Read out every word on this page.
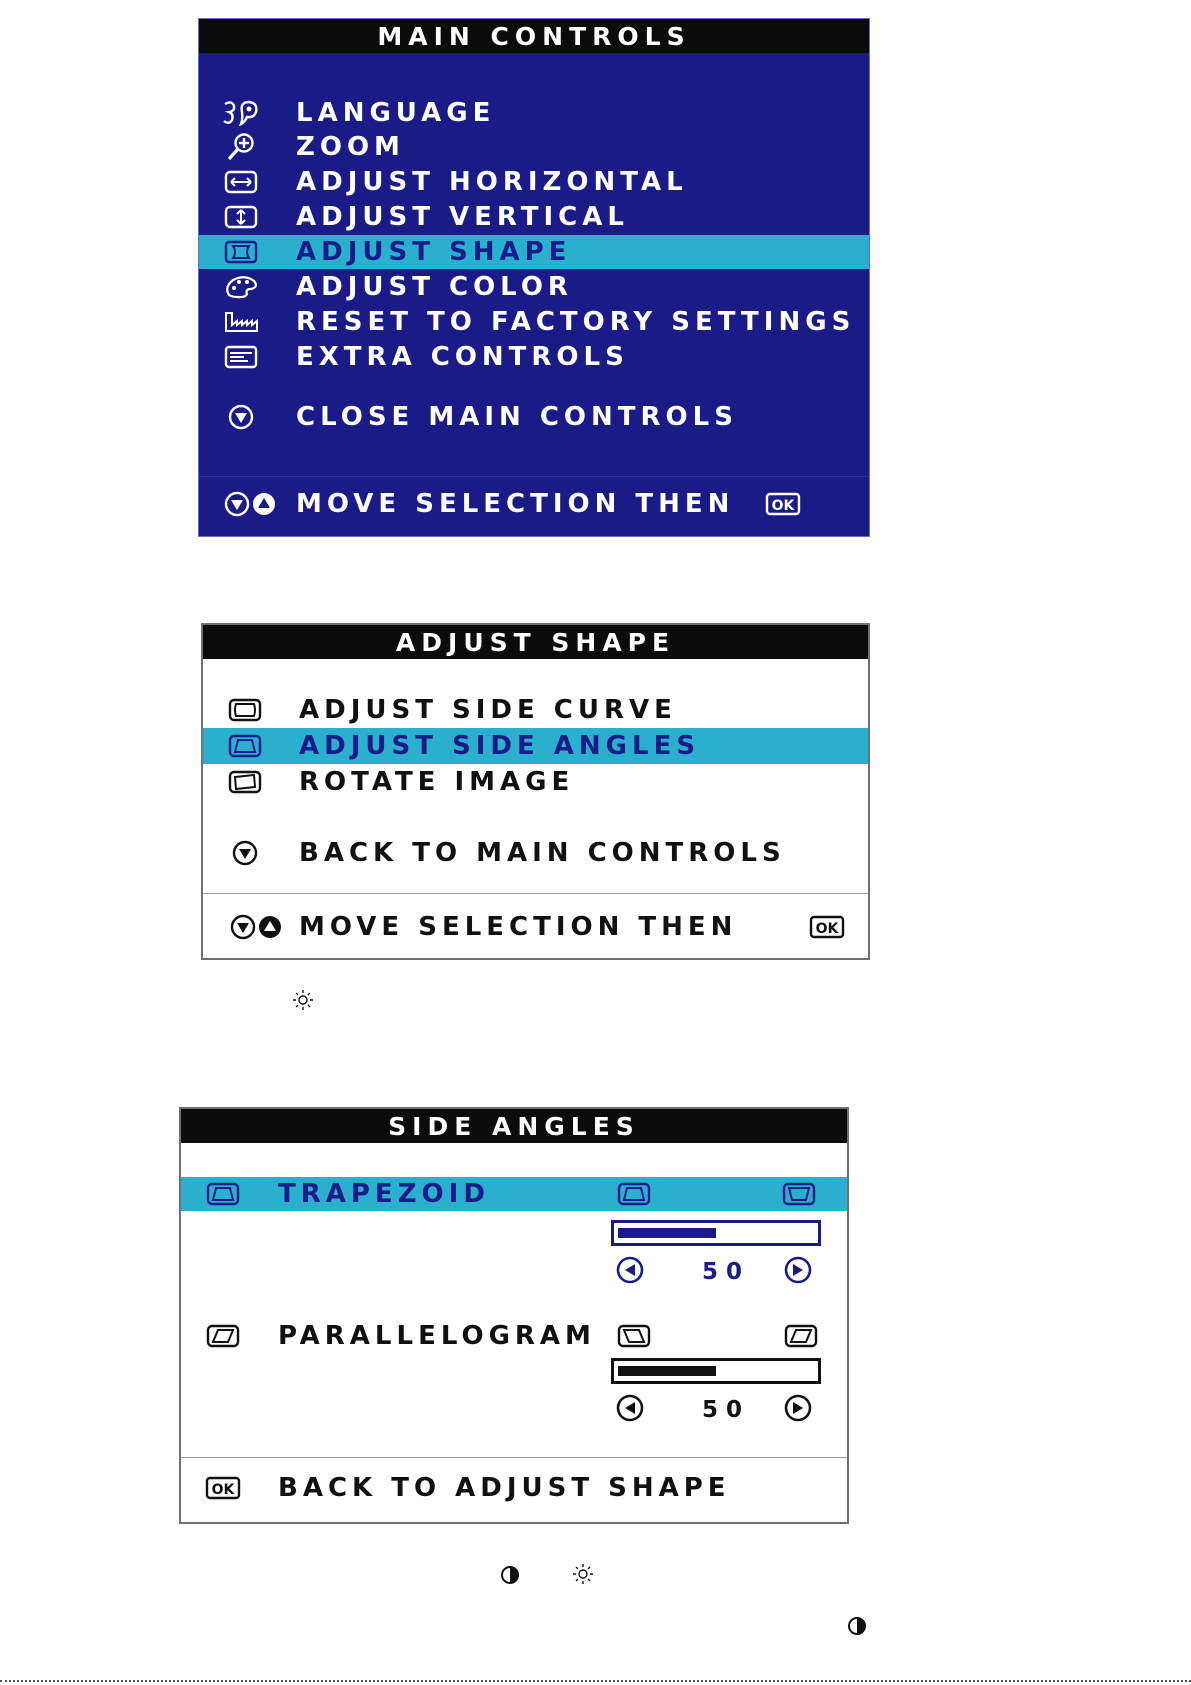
MAIN CONTROLS
LANGUAGE
ZOOM
ADJUST HORIZONTAL
ADJUST VERTICAL
ADJUST SHAPE
ADJUST COLOR
RESET TO FACTORY SETTINGS
EXTRA CONTROLS
CLOSE MAIN CONTROLS
MOVE SELECTION THEN	OK
ADJUST SHAPE
ADJUST SIDE CURVE
ADJUST SIDE ANGLES
ROTATE IMAGE
BACK TO MAIN CONTROLS
MOVE SELECTION THEN	OK
SIDE ANGLES
TRAPEZOID
50
PARALLELOGRAM
50
OK BACK TO ADJUST SHAPE
